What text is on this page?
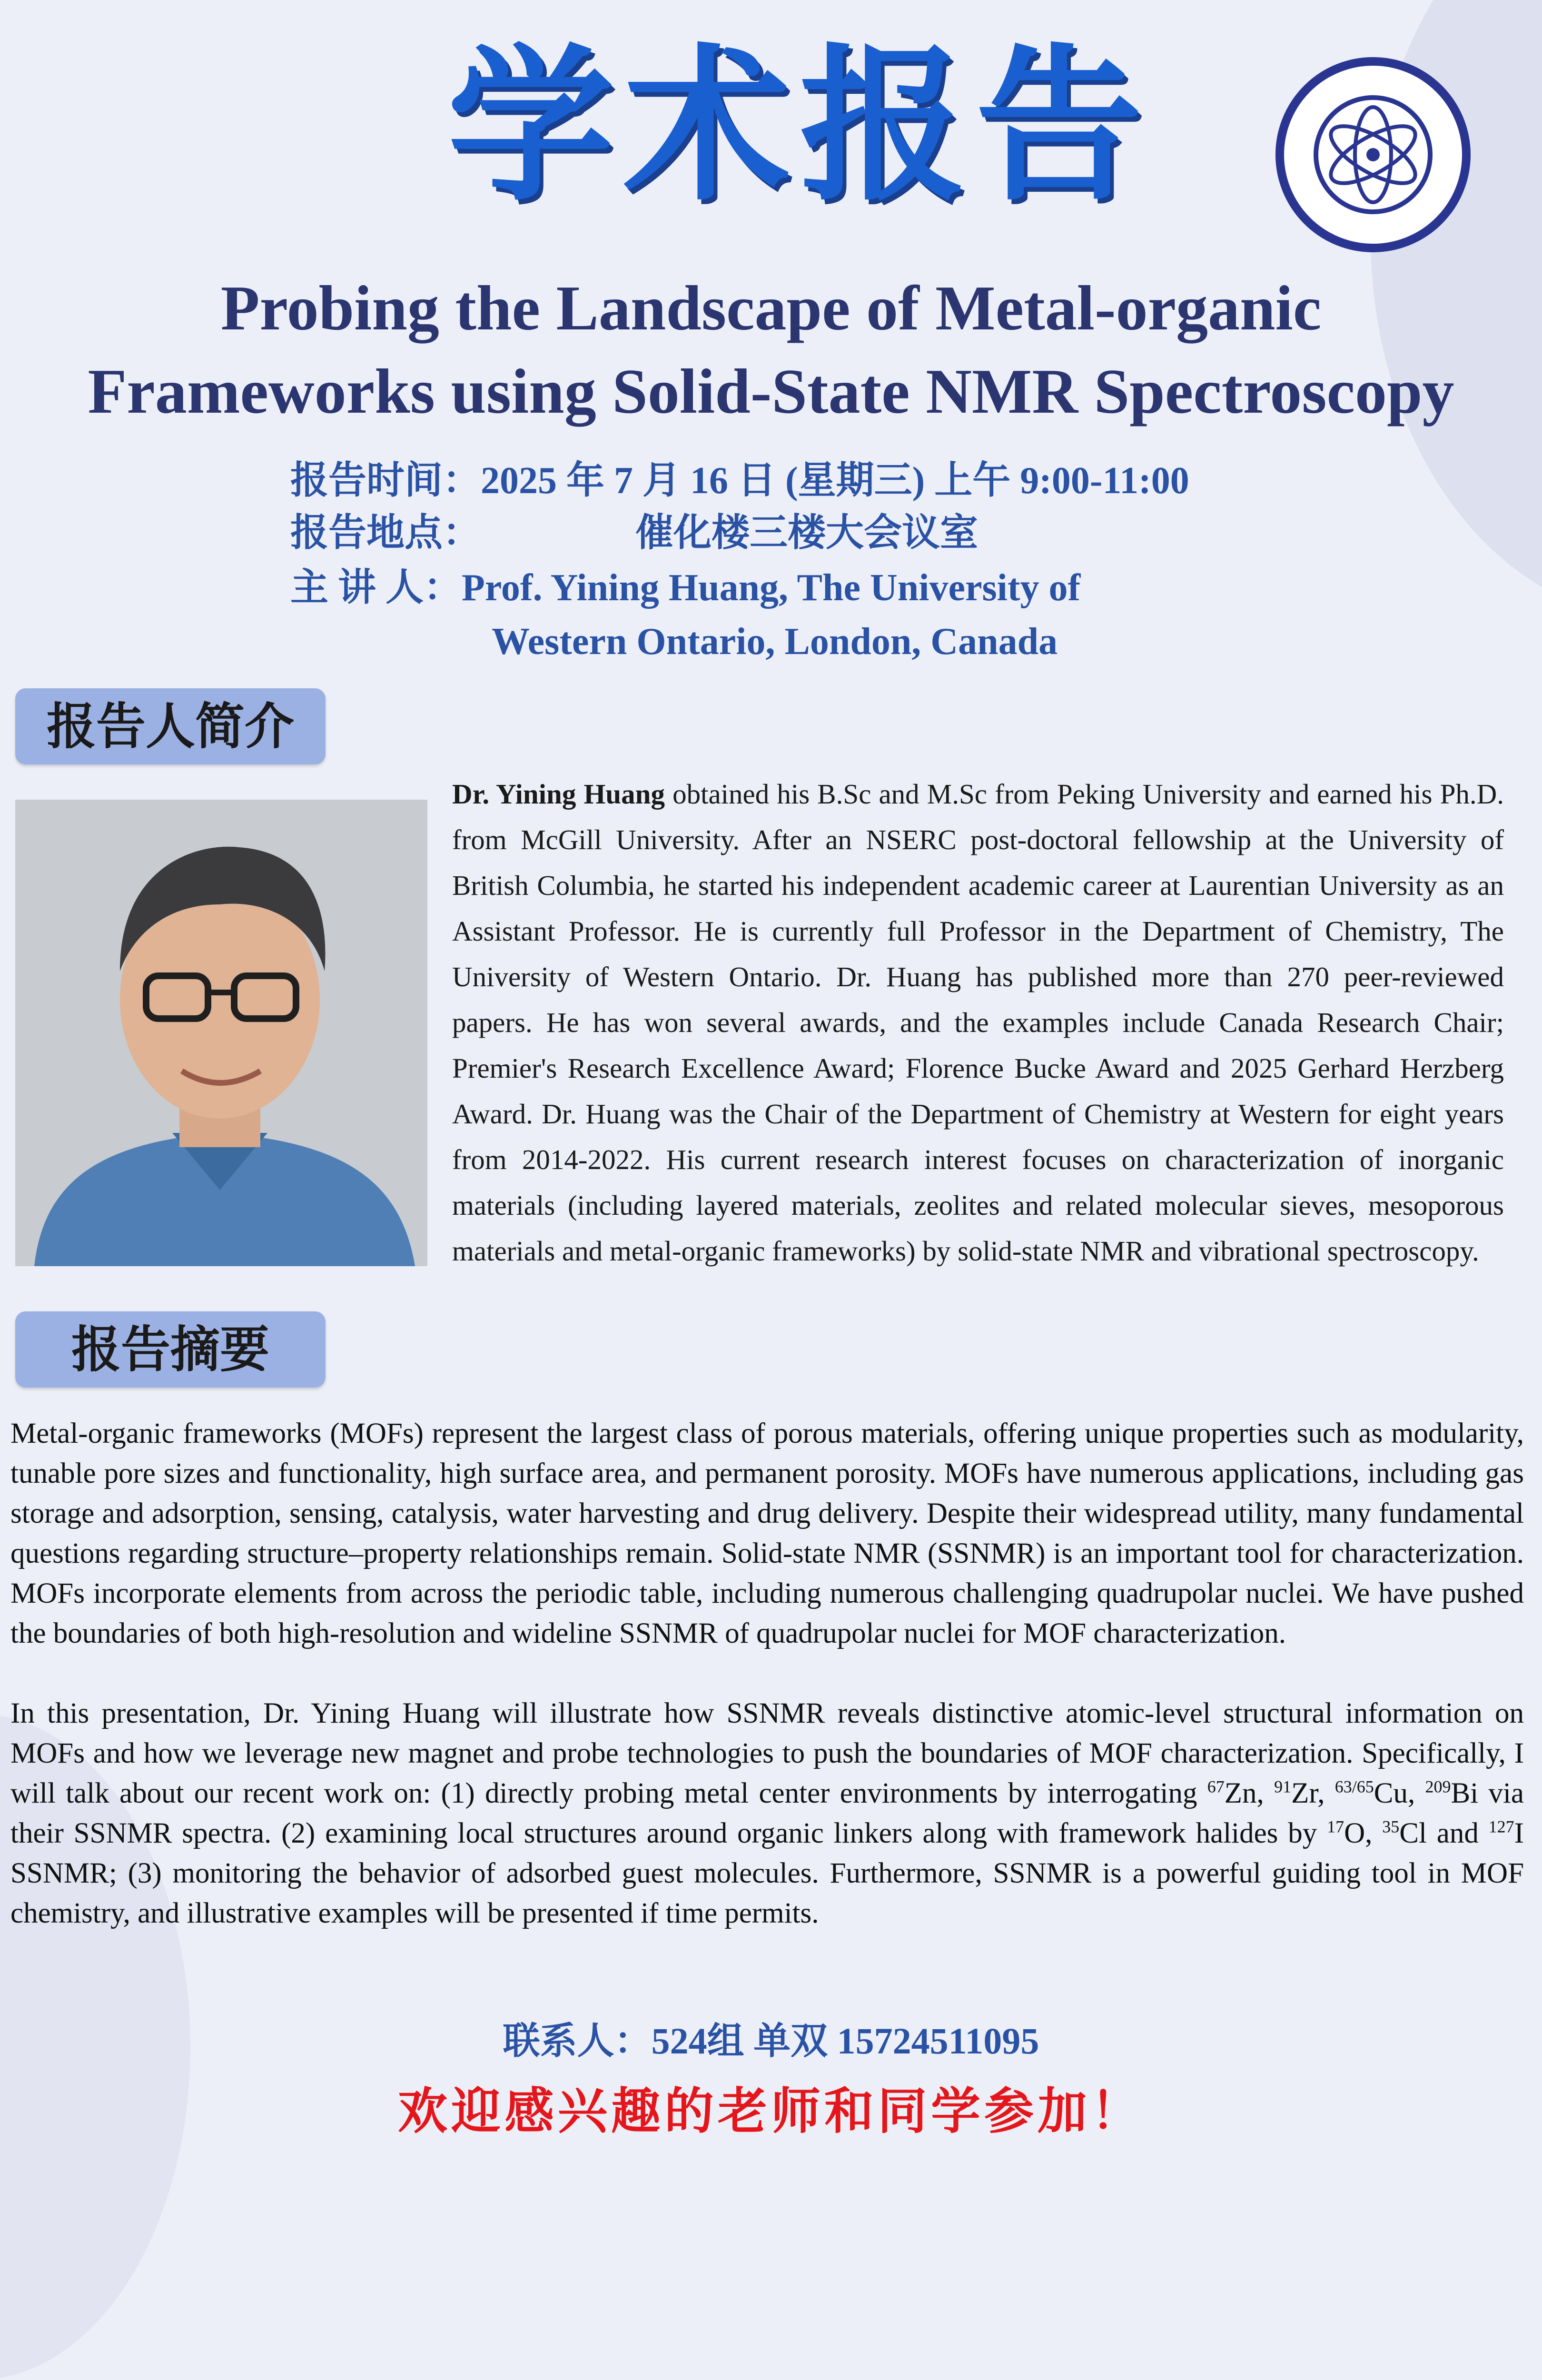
学术报告
Probing the Landscape of Metal-organic
Frameworks using Solid-State NMR Spectroscopy
报告时间：2025 年 7 月 16 日 (星期三) 上午 9:00-11:00
报告地点：	催化楼三楼大会议室
主 讲 人：Prof. Yining Huang, The University of
Western Ontario, London, Canada
报告人简介
Dr. Yining Huang obtained his B.Sc and M.Sc from Peking University and earned his Ph.D. from McGill University. After an NSERC post-doctoral fellowship at the University of British Columbia, he started his independent academic career at Laurentian University as an Assistant Professor. He is currently full Professor in the Department of Chemistry, The University of Western Ontario. Dr. Huang has published more than 270 peer-reviewed papers. He has won several awards, and the examples include Canada Research Chair; Premier's Research Excellence Award; Florence Bucke Award and 2025 Gerhard Herzberg Award. Dr. Huang was the Chair of the Department of Chemistry at Western for eight years from 2014-2022. His current research interest focuses on characterization of inorganic materials (including layered materials, zeolites and related molecular sieves, mesoporous materials and metal-organic frameworks) by solid-state NMR and vibrational spectroscopy.
报告摘要

Metal-organic frameworks (MOFs) represent the largest class of porous materials, offering unique properties such as modularity, tunable pore sizes and functionality, high surface area, and permanent porosity. MOFs have numerous applications, including gas storage and adsorption, sensing, catalysis, water harvesting and drug delivery. Despite their widespread utility, many fundamental questions regarding structure–property relationships remain. Solid-state NMR (SSNMR) is an important tool for characterization. MOFs incorporate elements from across the periodic table, including numerous challenging quadrupolar nuclei. We have pushed the boundaries of both high-resolution and wideline SSNMR of quadrupolar nuclei for MOF characterization.

In this presentation, Dr. Yining Huang will illustrate how SSNMR reveals distinctive atomic-level structural information on MOFs and how we leverage new magnet and probe technologies to push the boundaries of MOF characterization. Specifically, I will talk about our recent work on: (1) directly probing metal center environments by interrogating $^{67}$Zn, $^{91}$Zr, $^{63/65}$Cu, $^{209}$Bi via their SSNMR spectra. (2) examining local structures around organic linkers along with framework halides by $^{17}$O, $^{35}$Cl and $^{127}$I SSNMR; (3) monitoring the behavior of adsorbed guest molecules. Furthermore, SSNMR is a powerful guiding tool in MOF chemistry, and illustrative examples will be presented if time permits.

联系人：524组 单双 15724511095
欢迎感兴趣的老师和同学参加！
